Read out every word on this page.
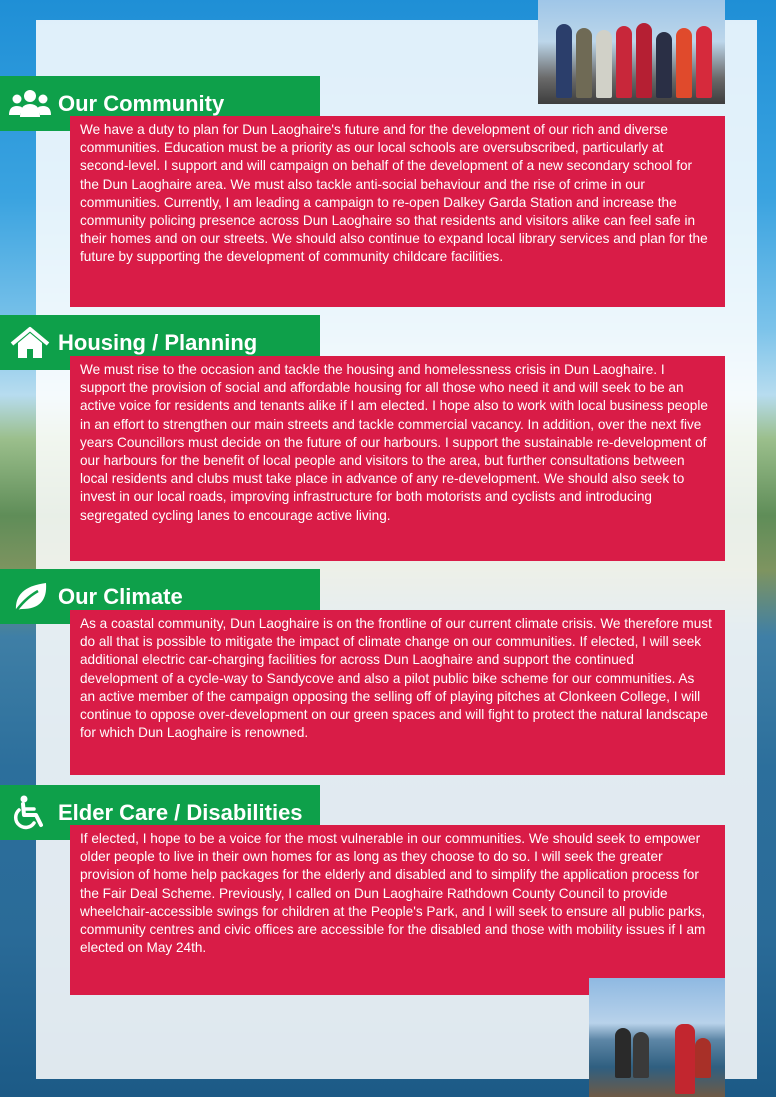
Our Community

We have a duty to plan for Dun Laoghaire's future and for the development of our rich and diverse communities. Education must be a priority as our local schools are oversubscribed, particularly at second-level. I support and will campaign on behalf of the development of a new secondary school for the Dun Laoghaire area. We must also tackle anti-social behaviour and the rise of crime in our communities. Currently, I am leading a campaign to re-open Dalkey Garda Station and increase the community policing presence across Dun Laoghaire so that residents and visitors alike can feel safe in their homes and on our streets. We should also continue to expand local library services and plan for the future by supporting the development of community childcare facilities.

Housing / Planning

We must rise to the occasion and tackle the housing and homelessness crisis in Dun Laoghaire. I support the provision of social and affordable housing for all those who need it and will seek to be an active voice for residents and tenants alike if I am elected. I hope also to work with local business people in an effort to strengthen our main streets and tackle commercial vacancy. In addition, over the next five years Councillors must decide on the future of our harbours. I support the sustainable re-development of our harbours for the benefit of local people and visitors to the area, but further consultations between local residents and clubs must take place in advance of any re-development. We should also seek to invest in our local roads, improving infrastructure for both motorists and cyclists and introducing segregated cycling lanes to encourage active living.

Our Climate

As a coastal community, Dun Laoghaire is on the frontline of our current climate crisis. We therefore must do all that is possible to mitigate the impact of climate change on our communities. If elected, I will seek additional electric car-charging facilities for across Dun Laoghaire and support the continued development of a cycle-way to Sandycove and also a pilot public bike scheme for our communities. As an active member of the campaign opposing the selling off of playing pitches at Clonkeen College, I will continue to oppose over-development on our green spaces and will fight to protect the natural landscape for which Dun Laoghaire is renowned.

Elder Care / Disabilities

If elected, I hope to be a voice for the most vulnerable in our communities. We should seek to empower older people to live in their own homes for as long as they choose to do so. I will seek the greater provision of home help packages for the elderly and disabled and to simplify the application process for the Fair Deal Scheme. Previously, I called on Dun Laoghaire Rathdown County Council to provide wheelchair-accessible swings for children at the People's Park, and I will seek to ensure all public parks, community centres and civic offices are accessible for the disabled and those with mobility issues if I am elected on May 24th.
